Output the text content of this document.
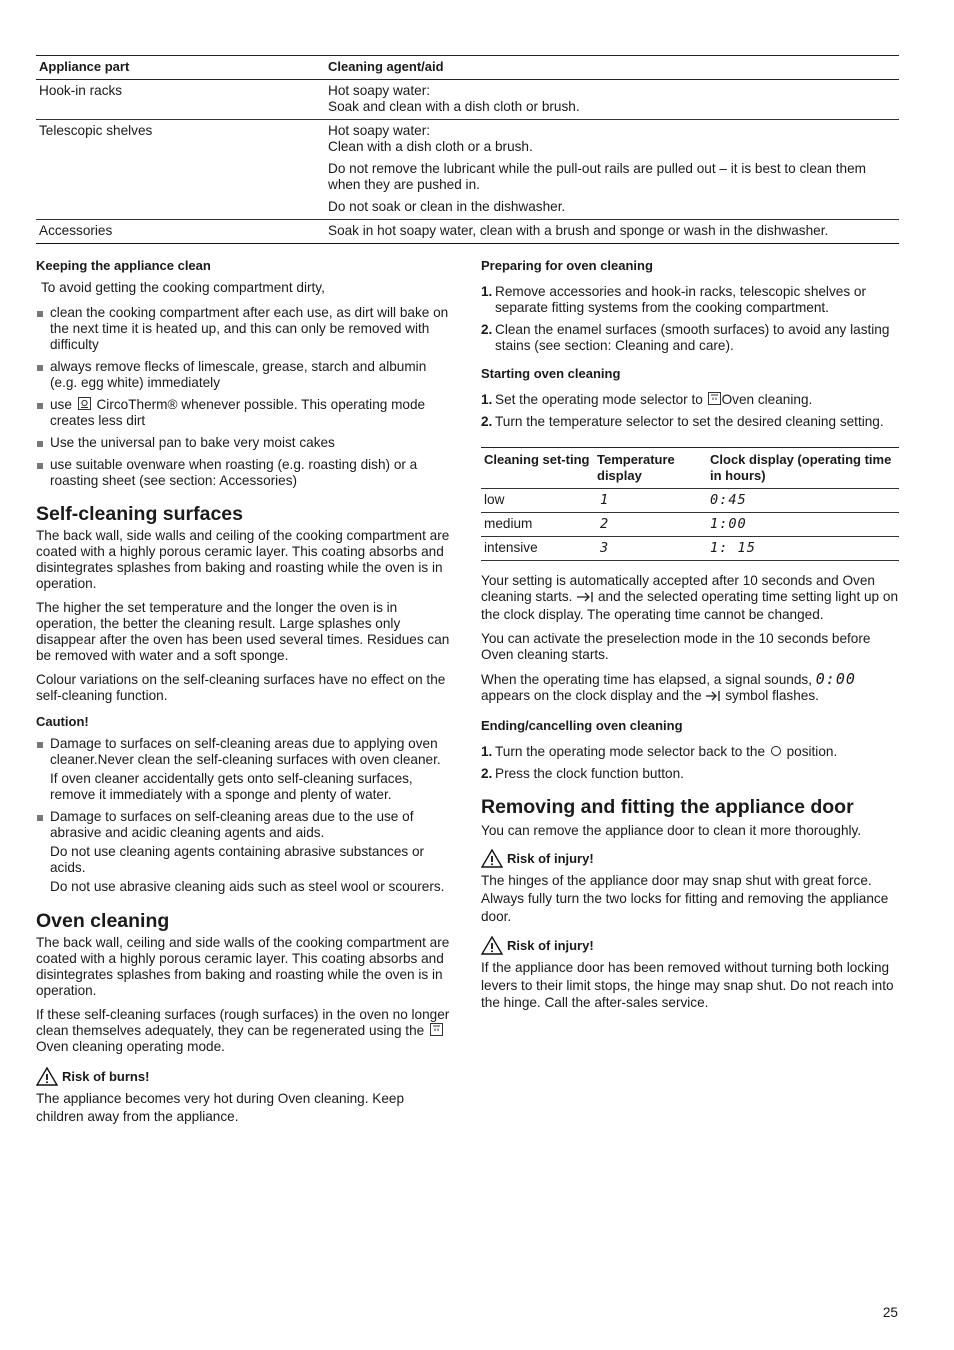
Appliance part	Cleaning agent/aid
Hook-in racks	Hot soapy water:
Soak and clean with a dish cloth or brush.

Telescopic shelves	Hot soapy water:
Clean with a dish cloth or a brush.

Do not remove the lubricant while the pull-out rails are pulled out – it is best to clean them when they are pushed in.

Do not soak or clean in the dishwasher.

Accessories	Soak in hot soapy water, clean with a brush and sponge or wash in the dishwasher.
Keeping the appliance clean

To avoid getting the cooking compartment dirty,

clean the cooking compartment after each use, as dirt will bake on the next time it is heated up, and this can only be removed with difficulty
always remove flecks of limescale, grease, starch and albumin (e.g. egg white) immediately
use CircoTherm® whenever possible. This operating mode creates less dirt
Use the universal pan to bake very moist cakes
use suitable ovenware when roasting (e.g. roasting dish) or a roasting sheet (see section: Accessories)
Self-cleaning surfaces

The back wall, side walls and ceiling of the cooking compartment are coated with a highly porous ceramic layer. This coating absorbs and disintegrates splashes from baking and roasting while the oven is in operation.

The higher the set temperature and the longer the oven is in operation, the better the cleaning result. Large splashes only disappear after the oven has been used several times. Residues can be removed with water and a soft sponge.

Colour variations on the self-cleaning surfaces have no effect on the self-cleaning function.

Caution!

Damage to surfaces on self-cleaning areas due to applying oven cleaner.Never clean the self-cleaning surfaces with oven cleaner.

If oven cleaner accidentally gets onto self-cleaning surfaces, remove it immediately with a sponge and plenty of water.

Damage to surfaces on self-cleaning areas due to the use of abrasive and acidic cleaning agents and aids.

Do not use cleaning agents containing abrasive substances or acids.

Do not use abrasive cleaning aids such as steel wool or scourers.

Oven cleaning

The back wall, ceiling and side walls of the cooking compartment are coated with a highly porous ceramic layer. This coating absorbs and disintegrates splashes from baking and roasting while the oven is in operation.

If these self-cleaning surfaces (rough surfaces) in the oven no longer clean themselves adequately, they can be regenerated using the
Oven cleaning operating mode.

Risk of burns!

The appliance becomes very hot during Oven cleaning. Keep children away from the appliance.

Preparing for oven cleaning
1. Remove accessories and hook-in racks, telescopic shelves or separate fitting systems from the cooking compartment.
2. Clean the enamel surfaces (smooth surfaces) to avoid any lasting stains (see section: Cleaning and care).
Starting oven cleaning
1. Set the operating mode selector to Oven cleaning.
2. Turn the temperature selector to set the desired cleaning setting.
Cleaning set-ting	Temperature display	Clock display (operating time in hours)
low	1	0:45
medium	2	1:00
intensive	3	1: 15

Your setting is automatically accepted after 10 seconds and Oven cleaning starts. and the selected operating time setting light up on the clock display. The operating time cannot be changed.

You can activate the preselection mode in the 10 seconds before Oven cleaning starts.

When the operating time has elapsed, a signal sounds, 0:00 appears on the clock display and the symbol flashes.

Ending/cancelling oven cleaning
1. Turn the operating mode selector back to the position.
2. Press the clock function button.
Removing and fitting the appliance door

You can remove the appliance door to clean it more thoroughly.

Risk of injury!

The hinges of the appliance door may snap shut with great force. Always fully turn the two locks for fitting and removing the appliance door.

Risk of injury!

If the appliance door has been removed without turning both locking levers to their limit stops, the hinge may snap shut. Do not reach into the hinge. Call the after-sales service.

25
